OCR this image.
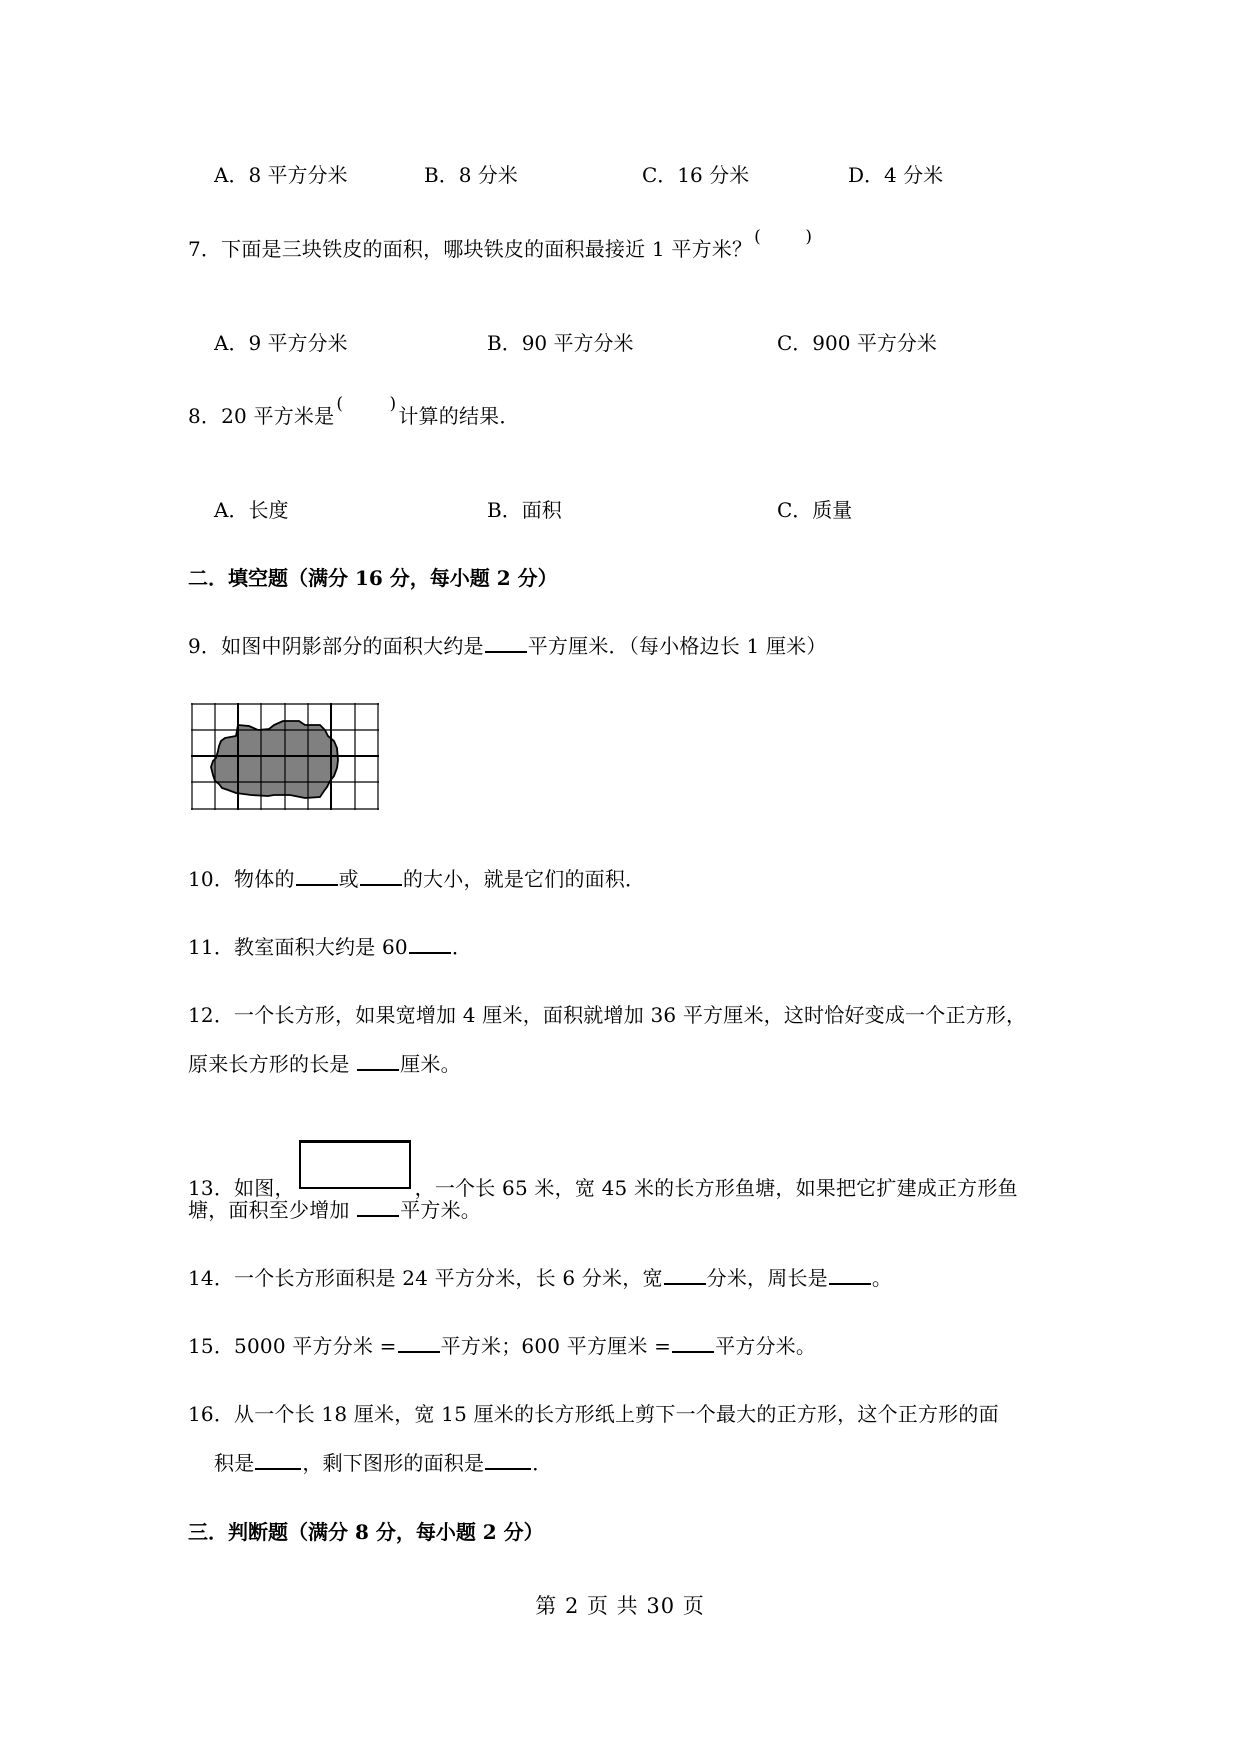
A．8 平方分米	B．8 分米	C．16 分米	D．4 分米
7．下面是三块铁皮的面积，哪块铁皮的面积最接近 1 平方米？ (	)
A．9 平方分米	B．90 平方分米	C．900 平方分米
8．20 平方米是 (	) 计算的结果．
A．长度	B．面积	C．质量
二．填空题（满分 16 分，每小题 2 分）
9．如图中阴影部分的面积大约是 平方厘米．（每小格边长 1 厘米）
10．物体的 或 的大小，就是它们的面积．
11．教室面积大约是 60 ．
12．一个长方形，如果宽增加 4 厘米，面积就增加 36 平方厘米，这时恰好变成一个正方形，
原来长方形的长是 厘米。
13．如图，	，一个长 65 米，宽 45 米的长方形鱼塘，如果把它扩建成正方形鱼
塘，面积至少增加 平方米。
14．一个长方形面积是 24 平方分米，长 6 分米，宽 分米，周长是 。
15．5000 平方分米 = 平方米；600 平方厘米 = 平方分米。
16．从一个长 18 厘米，宽 15 厘米的长方形纸上剪下一个最大的正方形，这个正方形的面
积是 ，剩下图形的面积是 ．
三．判断题（满分 8 分，每小题 2 分）
第 2 页 共 30 页
